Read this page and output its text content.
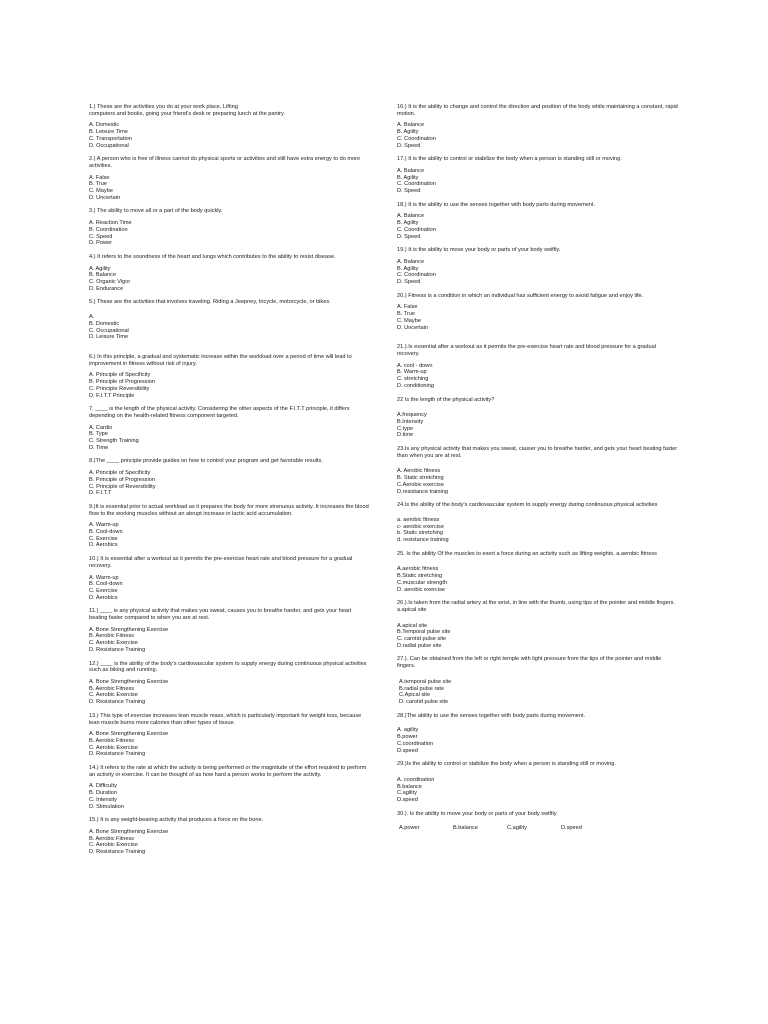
1.) These are the activities you do at your work place, Lifting
computers and books, going your friend's desk or preparing lunch at the pantry.

A. Domestic
B. Leisure Time
C. Transportation
D. Occupational

2.) A person who is free of illness cannot do physical sports or activities and still have extra energy to do more activities.

A. False
B. True
C. Maybe
D. Uncertain

3.) The ability to move all or a part of the body quickly.

A. Reaction Time
B. Coordination
C. Speed
D. Power

4.) It refers to the soundness of the heart and lungs which contributes to the ability to resist disease.

A. Agility
B. Balance
C. Organic Vigor
D. Endurance

5.) These are the activities that involves traveling. Riding a Jeepney, tricycle, motorcycle, or bikes.

A.
B. Domestic
C. Occupational
D. Leisure Time

6.) In this principle, a gradual and systematic increase within the workload over a period of time will lead to improvement in fitness without risk of injury.

A. Principle of Specificity
B. Principle of Progression
C. Principle Reversibility
D. F.I.T.T Principle

7. ____ is the length of the physical activity. Considering the other aspects of the F.I.T.T principle, it differs depending on the health-related fitness component targeted.

A. Cardio
B. Type
C. Strength Training
D. Time

8.)The ____ principle provide guides on how to control your program and get favorable results.

A. Principle of Specificity
B. Principle of Progression
C. Principle of Reversibility
D. F.I.T.T

9.)It is essential prior to actual workload as it prepares the body for more strenuous activity. It increases the blood flow to the working muscles without an abrupt increase in lactic acid accumulation.

A. Warm-up
B. Cool-down
C. Exercise
D. Aerobics

10.) It is essential after a workout as it permits the pre-exercise heart rate and blood pressure for a gradual recovery.

A. Warm-up
B. Cool-down
C. Exercise
D. Aerobics

11.) ____ is any physical activity that makes you sweat, causes you to breathe harder, and gets your heart beating faster compared to when you are at rest.

A. Bone Strengthening Exercise
B. Aerobic Fitness
C. Aerobic Exercise
D. Resistance Training

12.) ____ is the ability of the body's cardiovascular system to supply energy during continuous physical activities such as biking and running.

A. Bone Strengthening Exercise
B. Aerobic Fitness
C. Aerobic Exercise
D. Resistance Training

13.) This type of exercise increases lean muscle mass, which is particularly important for weight loss, because lean muscle burns more calories than other types of tissue.

A. Bone Strengthening Exercise
B. Aerobic Fitness
C. Aerobic Exercise
D. Resistance Training

14.) It refers to the rate at which the activity is being performed or the magnitude of the effort required to perform an activity or exercise. It can be thought of as how hard a person works to perform the activity.

A. Difficulty
B. Duration
C. Intensity
D. Stimulation

15.) It is any weight-bearing activity that produces a force on the bone.

A. Bone Strengthening Exercise
B. Aerobic Fitness
C. Aerobic Exercise
D. Resistance Training

16.) It is the ability to change and control the direction and position of the body while maintaining a constant, rapid motion.

A. Balance
B. Agility
C. Coordination
D. Speed

17.) It is the ability to control or stabilize the body when a person is standing still or moving.

A. Balance
B. Agility
C. Coordination
D. Speed

18.) It is the ability to use the senses together with body parts during movement.

A. Balance
B. Agility
C. Coordination
D. Speed

19.) It is the ability to move your body or parts of your body swiftly.

A. Balance
B. Agility
C. Coordination
D. Speed

20.) Fitness is a condition in which an individual has sufficient energy to avoid fatigue and enjoy life.

A. False
B. True
C. Maybe
D. Uncertain

21.).Is essential after a workout as it permits the pre-exercise heart rate and blood pressure for a gradual recovery.

A. cool - down
B. Warm-up
C. stretching
D. conditioning

22 Is the length of the physical activity?

A.frequency
B.Intensity
C.type
D.time

23.Is any physical activity that makes you sweat, causer you to breathe harder, and gets your heart beating faster than when you are at rest.

A. Aerobic fitness
B. Static stretching
C.Aerobic exercise
D.resistance training

24.Is the ability of the body's cardiovascular system to supply energy during continuous physical activities

a. aerobic fitness
c- aerobic exercise
b. Static stretching
d. resistance training

25. Is the ability Of the muscles to exert a force during an activity such as lifting weights. a.aerobic fitness

A.aerobic fitness
B.Static stretching
C.muscular strength
D. aerobic exercise

26.).Is taken from the radial artery at the wrist, in line with the thumb, using tips of the pointer and middle fingers. a.apical site

A.apical site
B.Temporal pulse site
C. carotid pulse site
D.radial pulse site

27.). Can be obtained from the left or right temple with light pressure from the tips of the pointer and middle fingers.

A.temporal pulse site
B.radial pulse rate
C.Apical site
D. carotid pulse site

28.)The ability to use the senses together with body parts during movement.

A. agility
B.power
C.coordination
D.speed

29.)Is the ability to control or stabilize the body when a person is standing still or moving.

A. coordination
B.balance
C.agility
D.speed

30.). Is the ability to move your body or parts of your body swiftly

A.power	B.balance	C.agility	D.speed
